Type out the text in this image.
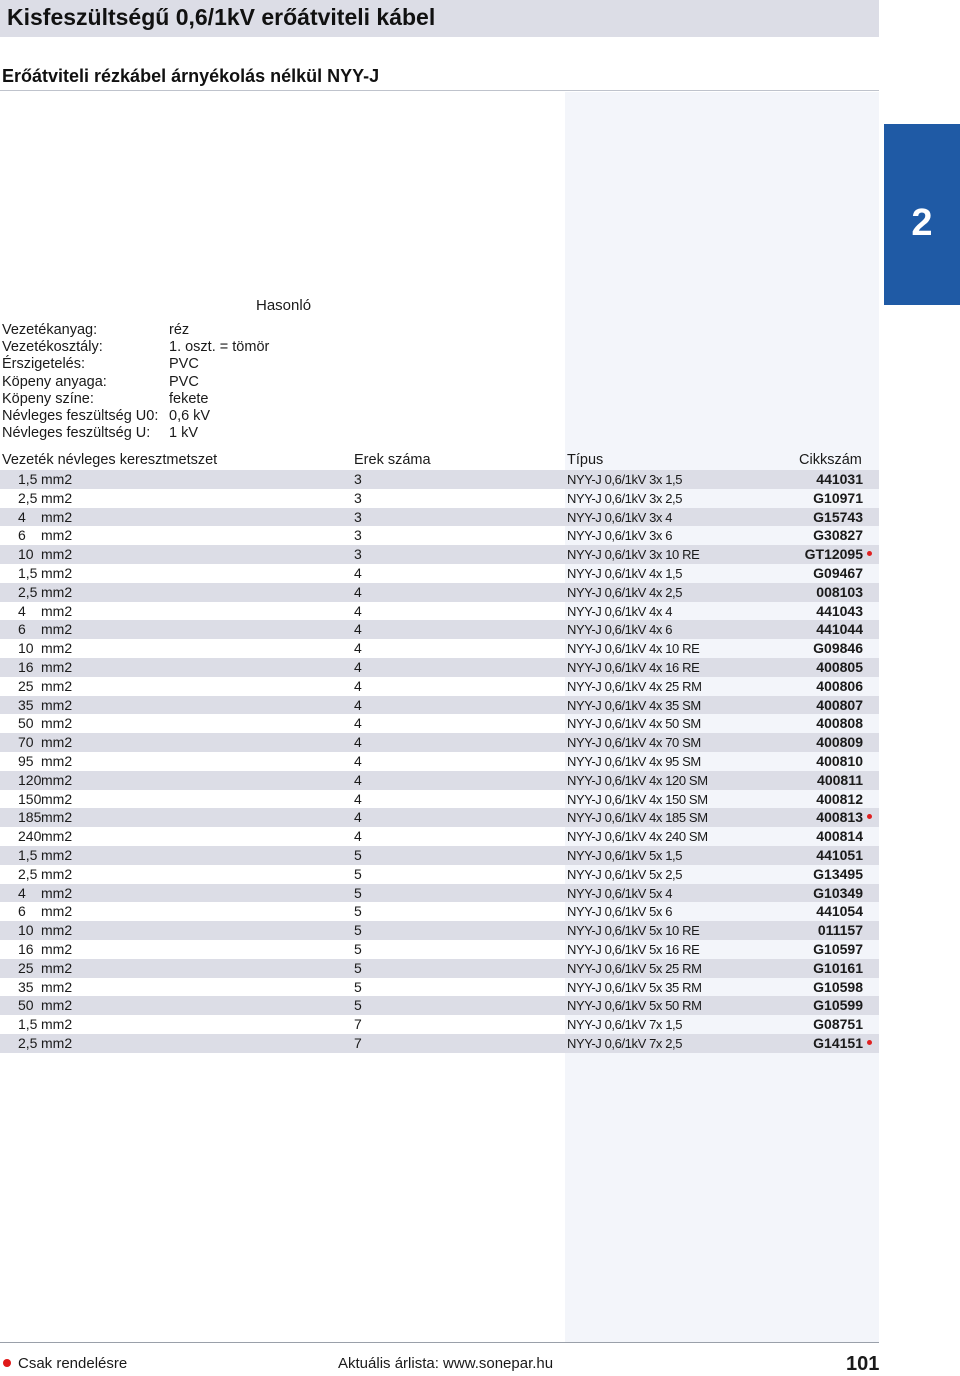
Kisfeszültségű 0,6/1kV erőátviteli kábel
Erőátviteli rézkábel árnyékolás nélkül NYY-J
2
Hasonló
Vezetékanyag:	réz
Vezetékosztály:	1. oszt. = tömör
Érszigetelés:	PVC
Köpeny anyaga:	PVC
Köpeny színe:	fekete
Névleges feszültség U0: 0,6 kV
Névleges feszültség U: 1 kV
Vezeték névleges keresztmetszet	Erek száma	Típus	Cikkszám
1,5 mm2	3	NYY-J 0,6/1kV 3x 1,5	441031
2,5 mm2	3	NYY-J 0,6/1kV 3x 2,5	G10971
4	mm2	3	NYY-J 0,6/1kV 3x 4	G15743
6	mm2	3	NYY-J 0,6/1kV 3x 6	G30827
10 mm2	3	NYY-J 0,6/1kV 3x 10 RE	GT12095
1,5 mm2	4	NYY-J 0,6/1kV 4x 1,5	G09467
2,5 mm2	4	NYY-J 0,6/1kV 4x 2,5	008103
4	mm2	4	NYY-J 0,6/1kV 4x 4	441043
6	mm2	4	NYY-J 0,6/1kV 4x 6	441044
10 mm2	4	NYY-J 0,6/1kV 4x 10 RE	G09846
16 mm2	4	NYY-J 0,6/1kV 4x 16 RE	400805
25 mm2	4	NYY-J 0,6/1kV 4x 25 RM	400806
35 mm2	4	NYY-J 0,6/1kV 4x 35 SM	400807
50 mm2	4	NYY-J 0,6/1kV 4x 50 SM	400808
70 mm2	4	NYY-J 0,6/1kV 4x 70 SM	400809
95 mm2	4	NYY-J 0,6/1kV 4x 95 SM	400810
120 mm2	4	NYY-J 0,6/1kV 4x 120 SM	400811
150 mm2	4	NYY-J 0,6/1kV 4x 150 SM	400812
185 mm2	4	NYY-J 0,6/1kV 4x 185 SM	400813
240 mm2	4	NYY-J 0,6/1kV 4x 240 SM	400814
1,5 mm2	5	NYY-J 0,6/1kV 5x 1,5	441051
2,5 mm2	5	NYY-J 0,6/1kV 5x 2,5	G13495
4	mm2	5	NYY-J 0,6/1kV 5x 4	G10349
6	mm2	5	NYY-J 0,6/1kV 5x 6	441054
10 mm2	5	NYY-J 0,6/1kV 5x 10 RE	011157
16 mm2	5	NYY-J 0,6/1kV 5x 16 RE	G10597
25 mm2	5	NYY-J 0,6/1kV 5x 25 RM	G10161
35 mm2	5	NYY-J 0,6/1kV 5x 35 RM	G10598
50 mm2	5	NYY-J 0,6/1kV 5x 50 RM	G10599
1,5 mm2	7	NYY-J 0,6/1kV 7x 1,5	G08751
2,5 mm2	7	NYY-J 0,6/1kV 7x 2,5	G14151
Csak rendelésre	Aktuális árlista: www.sonepar.hu	101
